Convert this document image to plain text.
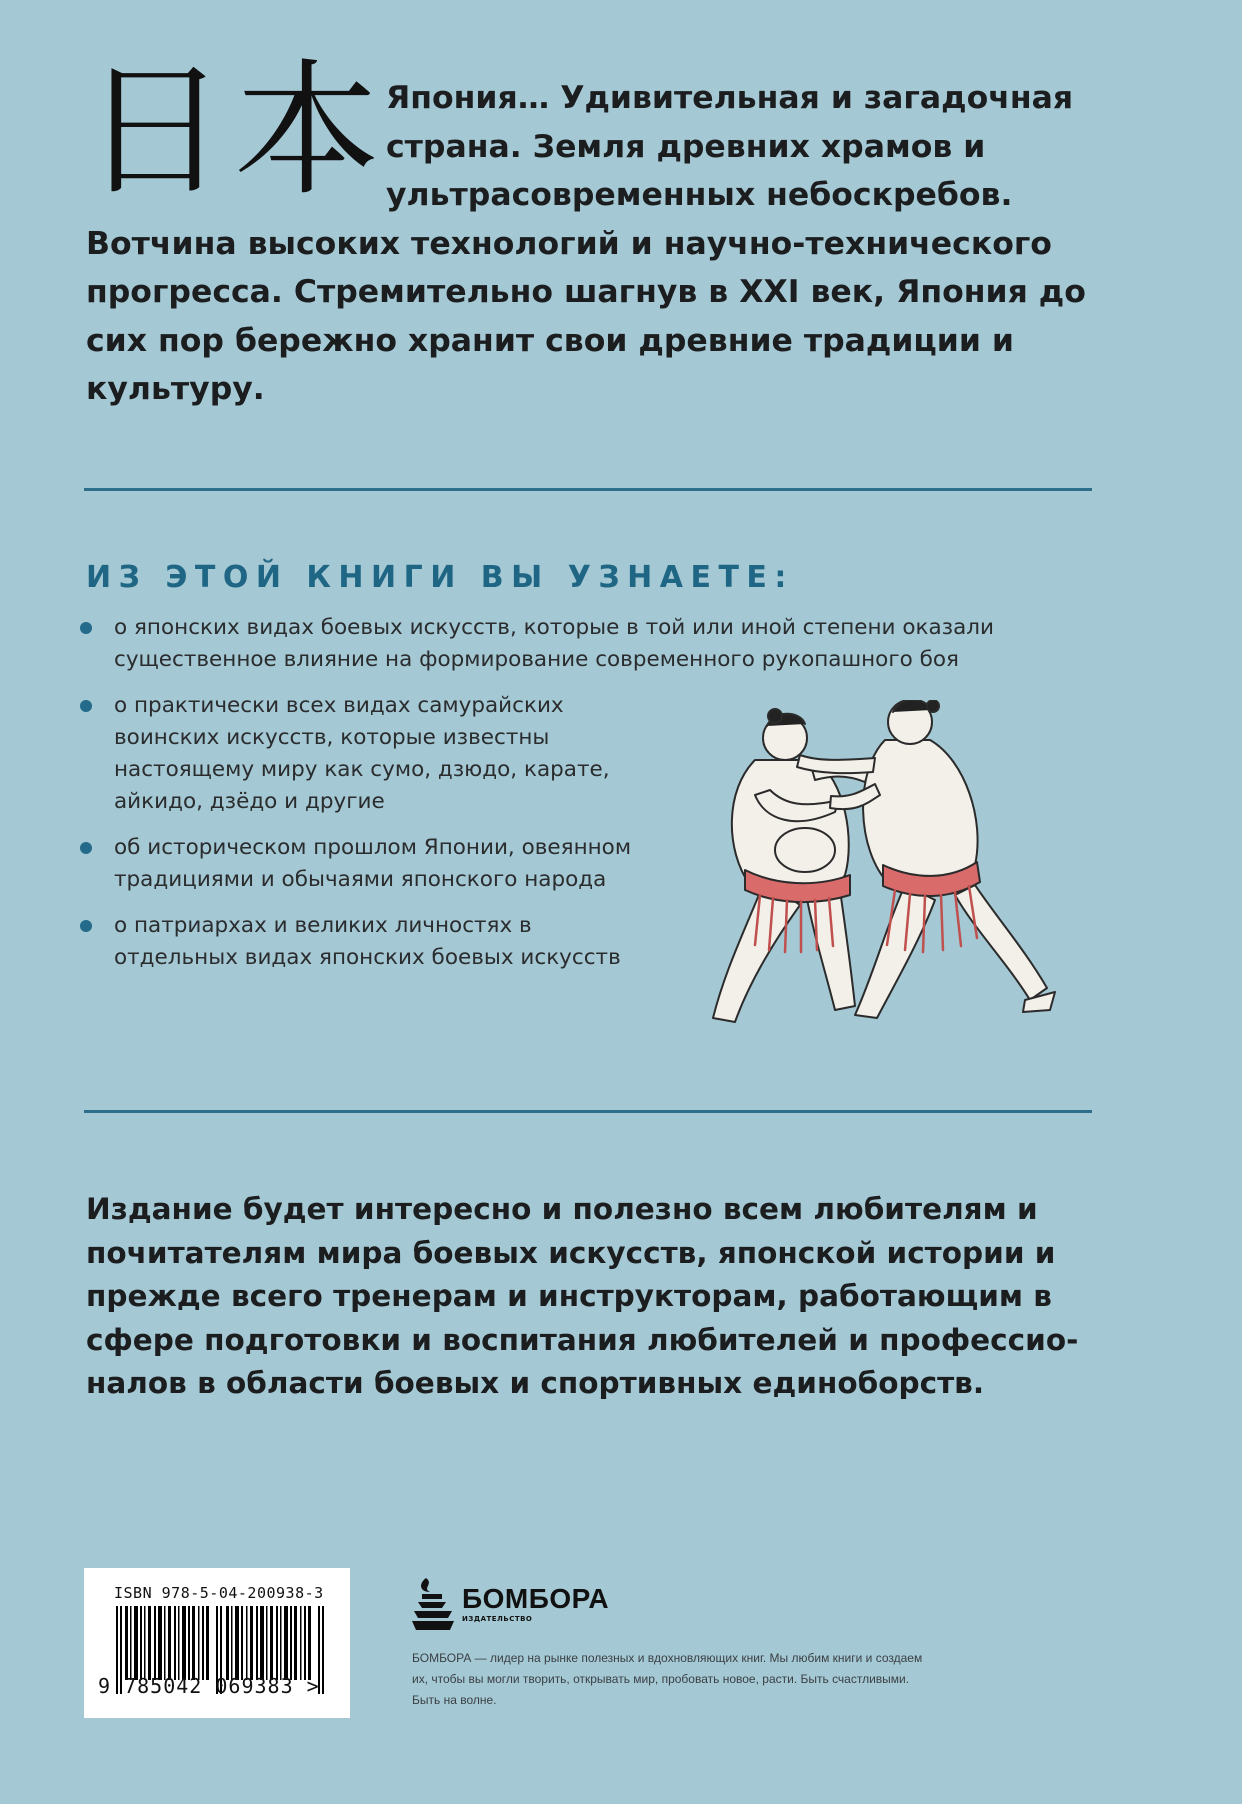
日本 Япония… Удивительная и загадочная страна. Земля древних храмов и ультрасовременных небоскребов. Вотчина высоких технологий и научно-технического прогресса. Стремительно шагнув в XXI век, Япония до сих пор бережно хранит свои древние традиции и культуру.
ИЗ ЭТОЙ КНИГИ ВЫ УЗНАЕТЕ:
о японских видах боевых искусств, которые в той или иной степени оказали существенное влияние на формирование современного рукопашного боя
о практически всех видах самурайских воинских искусств, которые известны настоящему миру как сумо, дзюдо, карате, айкидо, дзёдо и другие
об историческом прошлом Японии, овеянном традициями и обычаями японского народа
о патриархах и великих личностях в отдельных видах японских боевых искусств
Издание будет интересно и полезно всем любителям и почитателям мира боевых искусств, японской истории и прежде всего тренерам и инструкторам, работающим в сфере подготовки и воспитания любителей и профессионалов в области боевых и спортивных единоборств.
ISBN 978-5-04-200938-3
9 785042 069383 >
БОМБОРА
ИЗДАТЕЛЬСТВО
БОМБОРА — лидер на рынке полезных и вдохновляющих книг. Мы любим книги и создаем их, чтобы вы могли творить, открывать мир, пробовать новое, расти. Быть счастливыми. Быть на волне.
